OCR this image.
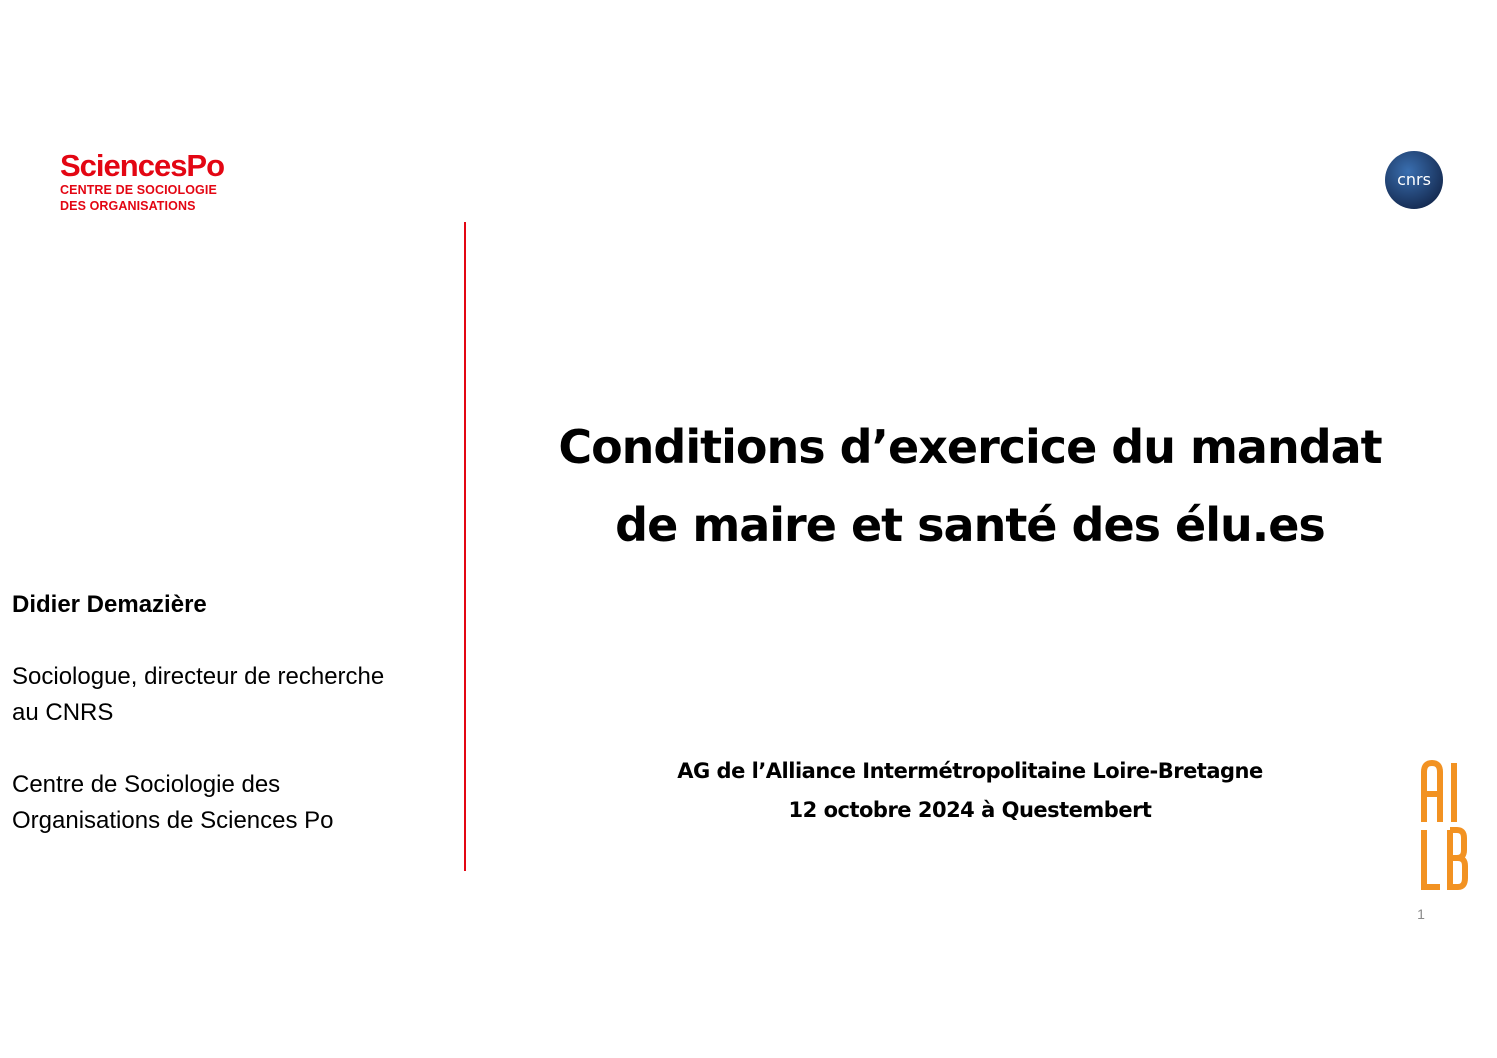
SciencesPo
CENTRE DE SOCIOLOGIE
DES ORGANISATIONS
cnrs
Didier Demazière
Sociologue, directeur de recherche
au CNRS
Centre de Sociologie des
Organisations de Sciences Po
Conditions d’exercice du mandat
de maire et santé des élu.es
AG de l’Alliance Intermétropolitaine Loire-Bretagne
12 octobre 2024 à Questembert
1
